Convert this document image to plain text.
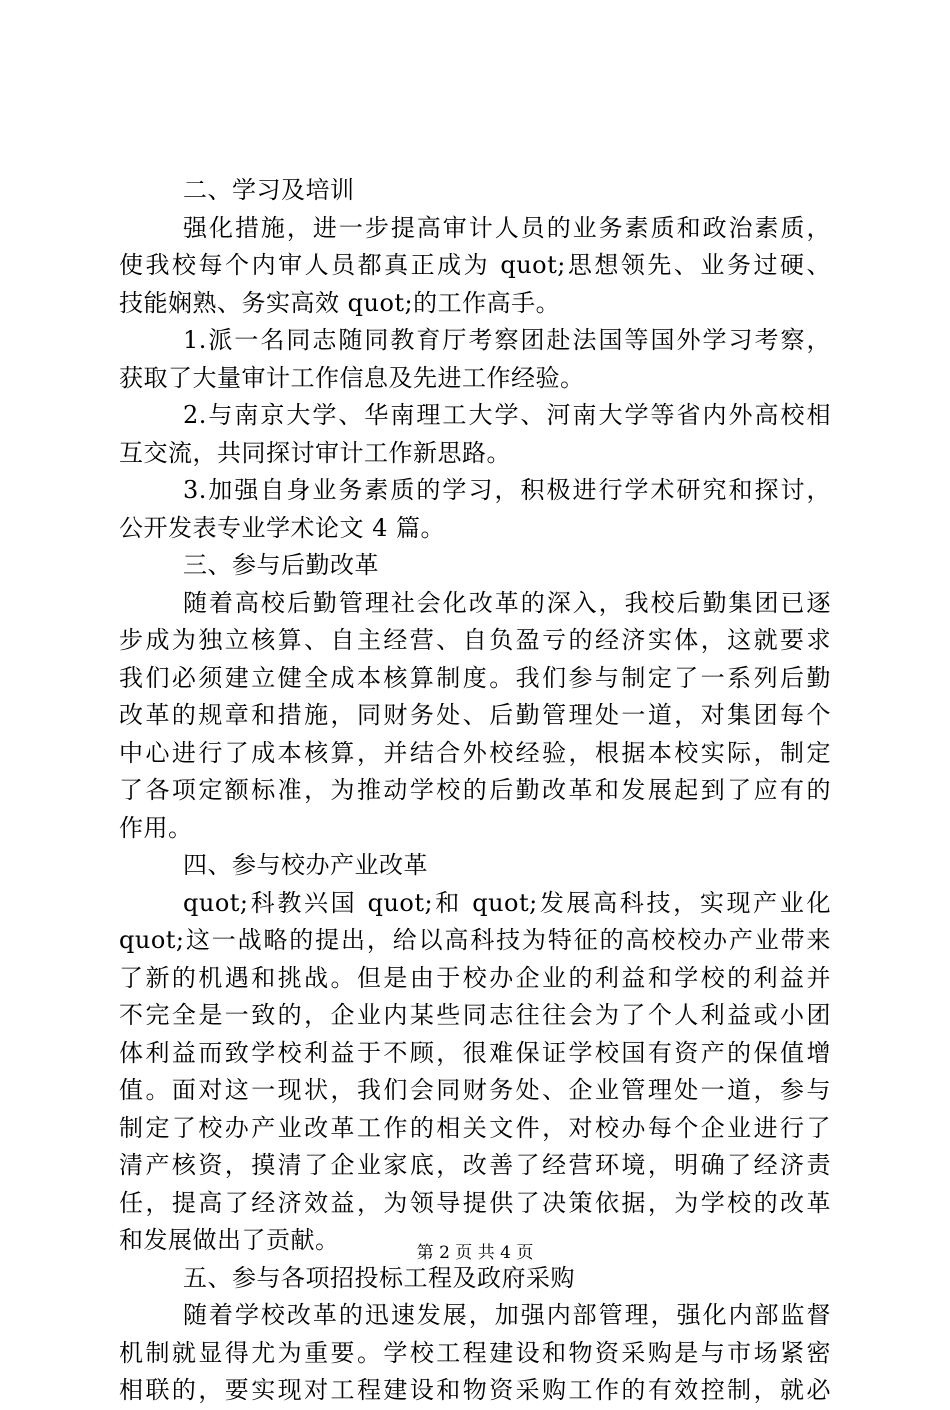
二、学习及培训
强化措施，进一步提高审计人员的业务素质和政治素质，
使我校每个内审人员都真正成为 quot;思想领先、业务过硬、
技能娴熟、务实高效 quot;的工作高手。
1.派一名同志随同教育厅考察团赴法国等国外学习考察，
获取了大量审计工作信息及先进工作经验。
2.与南京大学、华南理工大学、河南大学等省内外高校相
互交流，共同探讨审计工作新思路。
3.加强自身业务素质的学习，积极进行学术研究和探讨，
公开发表专业学术论文 4 篇。
三、参与后勤改革
随着高校后勤管理社会化改革的深入，我校后勤集团已逐
步成为独立核算、自主经营、自负盈亏的经济实体，这就要求
我们必须建立健全成本核算制度。我们参与制定了一系列后勤
改革的规章和措施，同财务处、后勤管理处一道，对集团每个
中心进行了成本核算，并结合外校经验，根据本校实际，制定
了各项定额标准，为推动学校的后勤改革和发展起到了应有的
作用。
四、参与校办产业改革
quot;科教兴国 quot;和 quot;发展高科技，实现产业化
quot;这一战略的提出，给以高科技为特征的高校校办产业带来
了新的机遇和挑战。但是由于校办企业的利益和学校的利益并
不完全是一致的，企业内某些同志往往会为了个人利益或小团
体利益而致学校利益于不顾，很难保证学校国有资产的保值增
值。面对这一现状，我们会同财务处、企业管理处一道，参与
制定了校办产业改革工作的相关文件，对校办每个企业进行了
清产核资，摸清了企业家底，改善了经营环境，明确了经济责
任，提高了经济效益，为领导提供了决策依据，为学校的改革
和发展做出了贡献。
五、参与各项招投标工程及政府采购
随着学校改革的迅速发展，加强内部管理，强化内部监督
机制就显得尤为重要。学校工程建设和物资采购是与市场紧密
相联的，要实现对工程建设和物资采购工作的有效控制，就必
第 2 页 共 4 页
